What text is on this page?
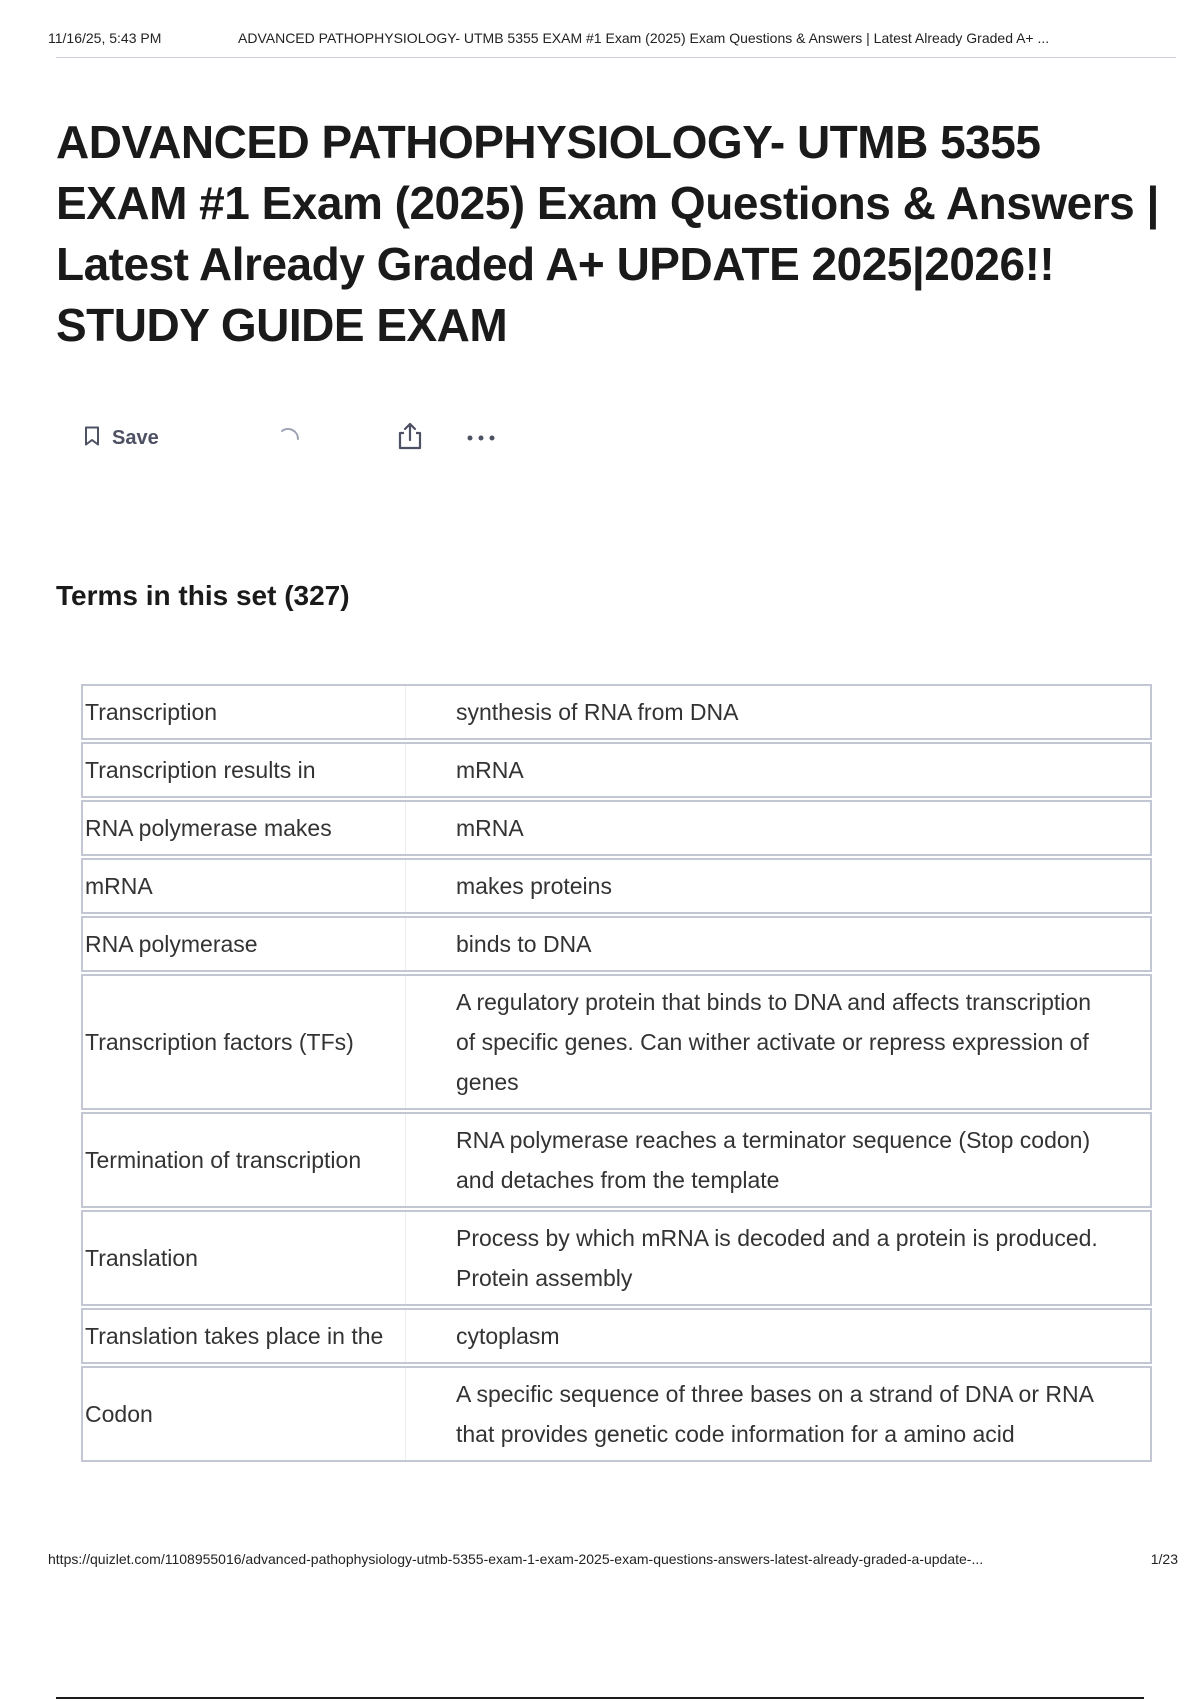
11/16/25, 5:43 PM	ADVANCED PATHOPHYSIOLOGY- UTMB 5355 EXAM #1 Exam (2025) Exam Questions & Answers | Latest Already Graded A+ ...
ADVANCED PATHOPHYSIOLOGY- UTMB 5355 EXAM #1 Exam (2025) Exam Questions & Answers | Latest Already Graded A+ UPDATE 2025|2026!! STUDY GUIDE EXAM
Save
Terms in this set (327)
Transcription	synthesis of RNA from DNA

Transcription results in	mRNA

RNA polymerase makes	mRNA

mRNA	makes proteins

RNA polymerase	binds to DNA

Transcription factors (TFs)	A regulatory protein that binds to DNA and affects transcription of specific genes. Can wither activate or repress expression of genes

Termination of transcription	RNA polymerase reaches a terminator sequence (Stop codon) and detaches from the template

Translation	Process by which mRNA is decoded and a protein is produced. Protein assembly

Translation takes place in the	cytoplasm

Codon	A specific sequence of three bases on a strand of DNA or RNA that provides genetic code information for a amino acid
https://quizlet.com/1108955016/advanced-pathophysiology-utmb-5355-exam-1-exam-2025-exam-questions-answers-latest-already-graded-a-update-...	1/23
